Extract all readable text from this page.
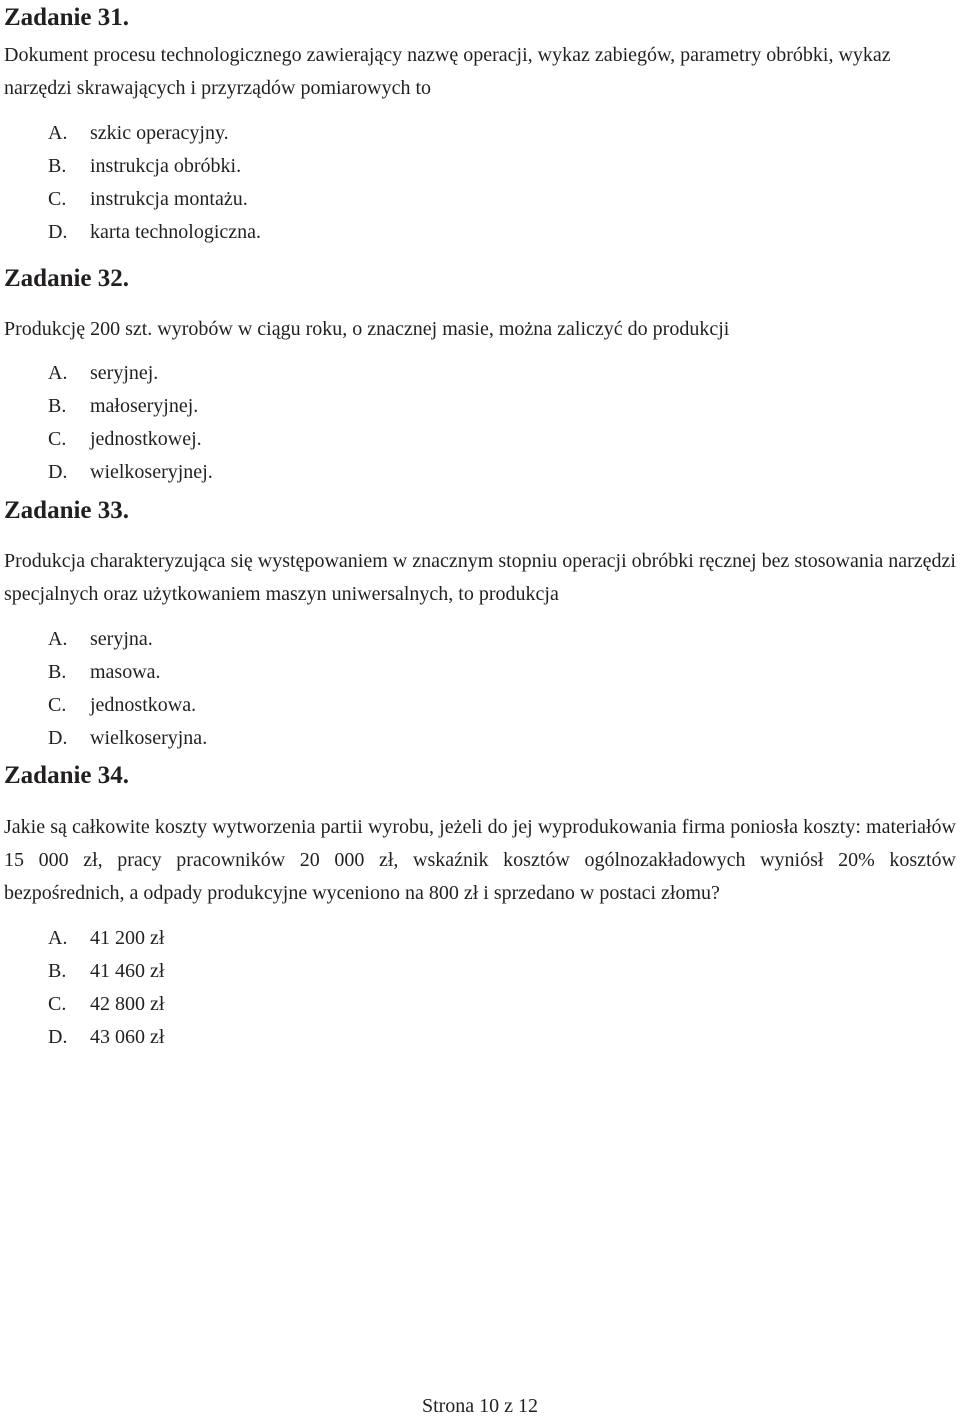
Zadanie 31.

Dokument procesu technologicznego zawierający nazwę operacji, wykaz zabiegów, parametry obróbki, wykaz narzędzi skrawających i przyrządów pomiarowych to

A.	szkic operacyjny.
B.	instrukcja obróbki.
C.	instrukcja montażu.
D.	karta technologiczna.
Zadanie 32.

Produkcję 200 szt. wyrobów w ciągu roku, o znacznej masie, można zaliczyć do produkcji

A.	seryjnej.
B.	małoseryjnej.
C.	jednostkowej.
D.	wielkoseryjnej.
Zadanie 33.

Produkcja charakteryzująca się występowaniem w znacznym stopniu operacji obróbki ręcznej bez stosowania narzędzi specjalnych oraz użytkowaniem maszyn uniwersalnych, to produkcja

A.	seryjna.
B.	masowa.
C.	jednostkowa.
D.	wielkoseryjna.
Zadanie 34.

Jakie są całkowite koszty wytworzenia partii wyrobu, jeżeli do jej wyprodukowania firma poniosła koszty: materiałów 15 000 zł, pracy pracowników 20 000 zł, wskaźnik kosztów ogólnozakładowych wyniósł 20% kosztów bezpośrednich, a odpady produkcyjne wyceniono na 800 zł i sprzedano w postaci złomu?

A.	41 200 zł
B.	41 460 zł
C.	42 800 zł
D.	43 060 zł
Strona 10 z 12
